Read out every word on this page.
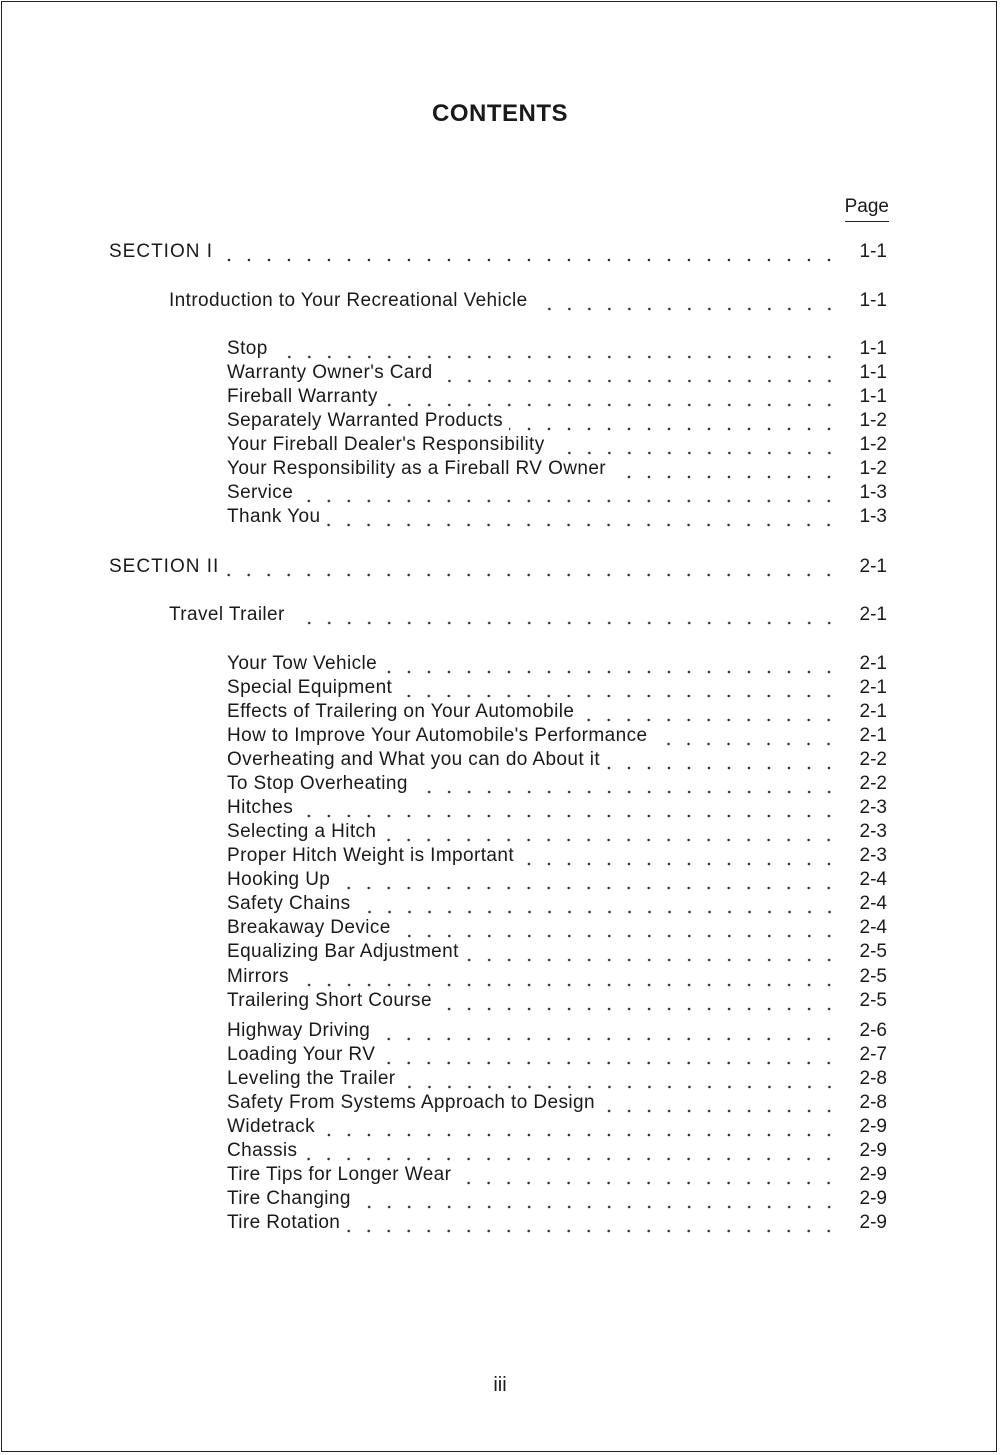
CONTENTS
Page
SECTION I	1-1
Introduction to Your Recreational Vehicle	1-1
Stop	1-1
Warranty Owner's Card	1-1
Fireball Warranty	1-1
Separately Warranted Products	1-2
Your Fireball Dealer's Responsibility	1-2
Your Responsibility as a Fireball RV Owner	1-2
Service	1-3
Thank You	1-3
SECTION II	2-1
Travel Trailer	2-1
Your Tow Vehicle	2-1
Special Equipment	2-1
Effects of Trailering on Your Automobile	2-1
How to Improve Your Automobile's Performance	2-1
Overheating and What you can do About it	2-2
To Stop Overheating	2-2
Hitches	2-3
Selecting a Hitch	2-3
Proper Hitch Weight is Important	2-3
Hooking Up	2-4
Safety Chains	2-4
Breakaway Device	2-4
Equalizing Bar Adjustment	2-5
Mirrors	2-5
Trailering Short Course	2-5
Highway Driving	2-6
Loading Your RV	2-7
Leveling the Trailer	2-8
Safety From Systems Approach to Design	2-8
Widetrack	2-9
Chassis	2-9
Tire Tips for Longer Wear	2-9
Tire Changing	2-9
Tire Rotation	2-9
iii
